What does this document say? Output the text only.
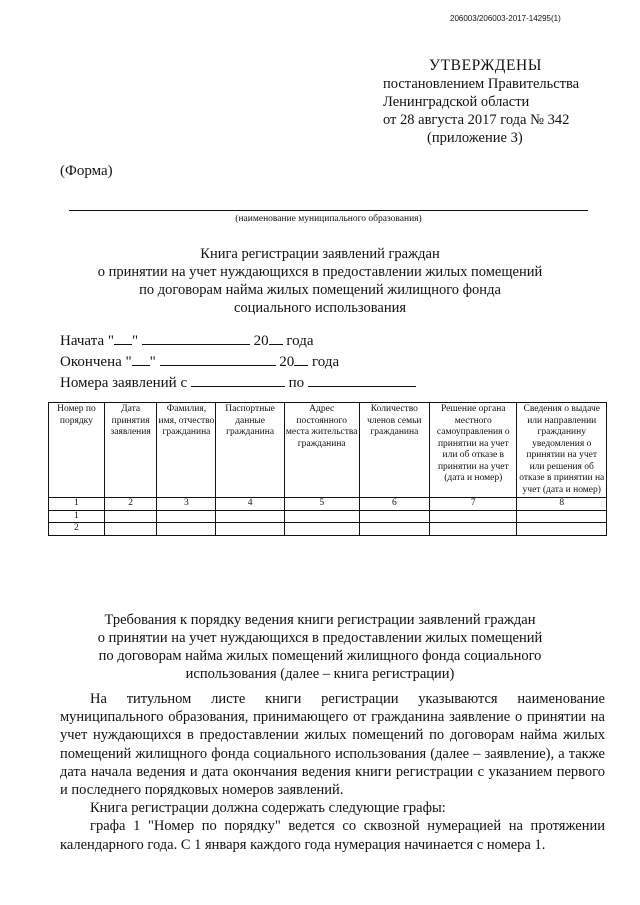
206003/206003-2017-14295(1)
УТВЕРЖДЕНЫ
постановлением Правительства
Ленинградской области
от 28 августа 2017 года № 342
(приложение 3)
(Форма)
(наименование муниципального образования)
Книга регистрации заявлений граждан
о принятии на учет нуждающихся в предоставлении жилых помещений
по договорам найма жилых помещений жилищного фонда
социального использования
Начата " "	20 года
Окончена " "	20 года
Номера заявлений с	по
Номер по порядку	Дата принятия заявления	Фамилия, имя, отчество гражданина	Паспортные данные гражданина	Адрес постоянного места жительства гражданина	Количество членов семьи гражданина	Решение органа местного самоуправления о принятии на учет или об отказе в принятии на учет (дата и номер)	Сведения о выдаче или направлении гражданину уведомления о принятии на учет или решения об отказе в принятии на учет (дата и номер)
1	2	3	4	5	6	7	8
1							
2							
Требования к порядку ведения книги регистрации заявлений граждан
о принятии на учет нуждающихся в предоставлении жилых помещений
по договорам найма жилых помещений жилищного фонда социального
использования (далее – книга регистрации)

На титульном листе книги регистрации указываются наименование муниципального образования, принимающего от гражданина заявление о принятии на учет нуждающихся в предоставлении жилых помещений по договорам найма жилых помещений жилищного фонда социального использования (далее – заявление), а также дата начала ведения и дата окончания ведения книги регистрации с указанием первого и последнего порядковых номеров заявлений.

Книга регистрации должна содержать следующие графы:

графа 1 "Номер по порядку" ведется со сквозной нумерацией на протяжении календарного года. С 1 января каждого года нумерация начинается с номера 1.
